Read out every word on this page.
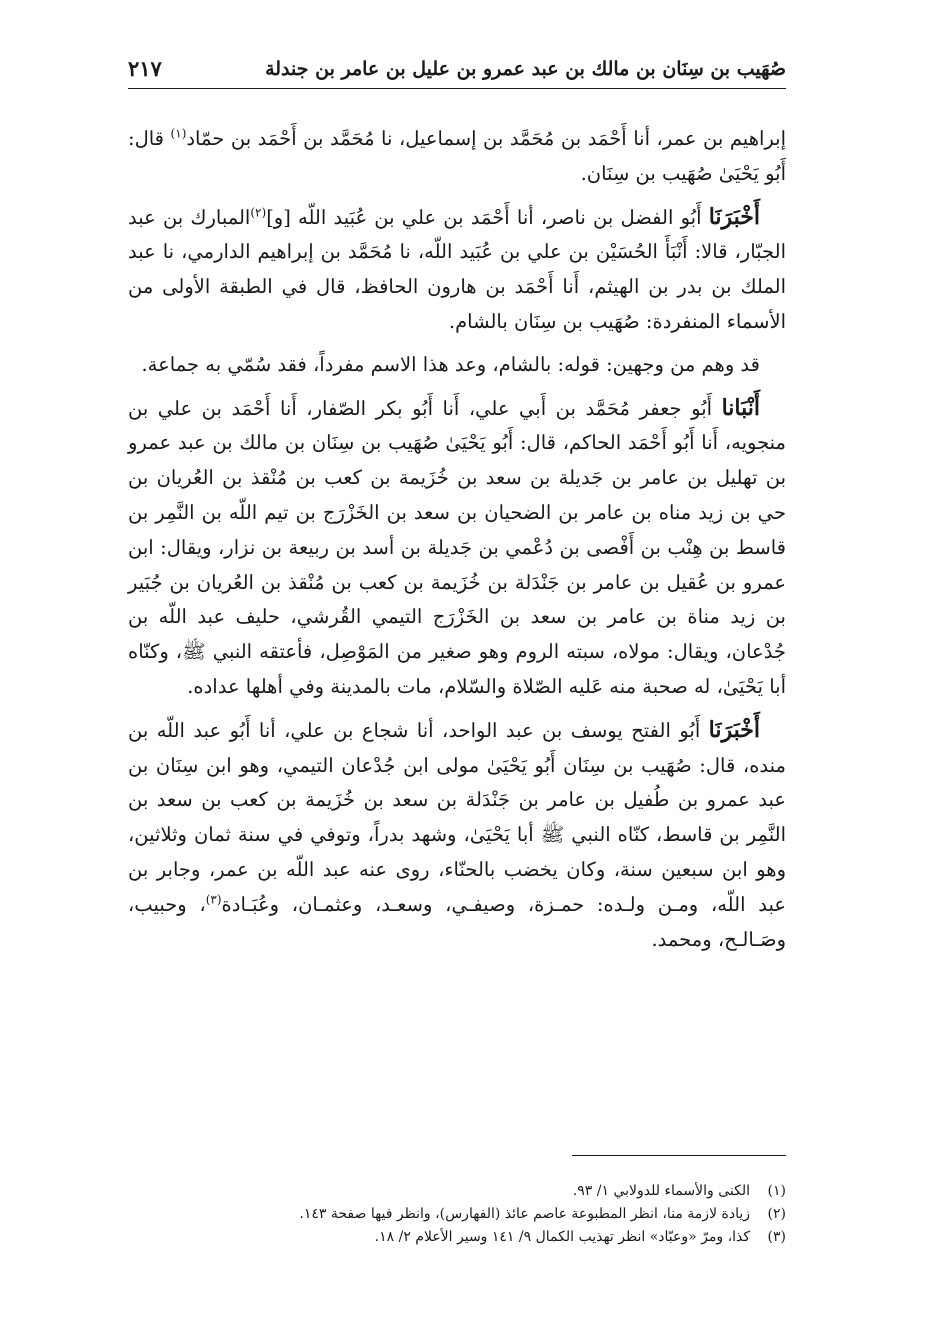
صُهَيب بن سِنَان بن مالك بن عبد عمرو بن عليل بن عامر بن جندلة
٢١٧

إبراهيم بن عمر، أنا أَحْمَد بن مُحَمَّد بن إسماعيل، نا مُحَمَّد بن أَحْمَد بن حمّاد$^{(١)}$ قال: أَبُو يَحْيَىٰ صُهَيب بن سِنَان.

أَخْبَرَنَا أَبُو الفضل بن ناصر، أنا أَحْمَد بن علي بن عُبَيد اللّه [و]$^{(٢)}$المبارك بن عبد الجبّار، قالا: أَنْبَأَ الحُسَيْن بن علي بن عُبَيد اللّه، نا مُحَمَّد بن إبراهيم الدارمي، نا عبد الملك بن بدر بن الهيثم، أَنا أَحْمَد بن هارون الحافظ، قال في الطبقة الأولى من الأسماء المنفردة: صُهَيب بن سِنَان بالشام.

قد وهم من وجهين: قوله: بالشام، وعد هذا الاسم مفرداً، فقد سُمّي به جماعة.

أَنْبَانا أَبُو جعفر مُحَمَّد بن أَبي علي، أَنا أَبُو بكر الصّفار، أَنا أَحْمَد بن علي بن منجويه، أَنا أَبُو أَحْمَد الحاكم، قال: أَبُو يَحْيَىٰ صُهَيب بن سِنَان بن مالك بن عبد عمرو بن تهليل بن عامر بن جَديلة بن سعد بن خُزَيمة بن كعب بن مُنْقذ بن العُريان بن حي بن زيد مناه بن عامر بن الضحيان بن سعد بن الخَزْرَج بن تيم اللّه بن النَّمِر بن قاسط بن هِنْب بن أَفْصى بن دُعْمي بن جَديلة بن أسد بن ربيعة بن نزار، ويقال: ابن عمرو بن عُقيل بن عامر بن جَنْدَلة بن خُزَيمة بن كعب بن مُنْقذ بن العُريان بن جُبَير بن زيد مناة بن عامر بن سعد بن الخَزْرَج التيمي القُرشي، حليف عبد اللّه بن جُدْعان، ويقال: مولاه، سبته الروم وهو صغير من المَوْصِل، فأعتقه النبي ﷺ، وكنّاه أبا يَحْيَىٰ، له صحبة منه عَليه الصّلاة والسّلام، مات بالمدينة وفي أهلها عداده.

أَخْبَرَنَا أَبُو الفتح يوسف بن عبد الواحد، أنا شجاع بن علي، أنا أَبُو عبد اللّه بن منده، قال: صُهَيب بن سِنَان أَبُو يَحْيَىٰ مولى ابن جُدْعان التيمي، وهو ابن سِنَان بن عبد عمرو بن طُفيل بن عامر بن جَنْدَلة بن سعد بن خُزَيمة بن كعب بن سعد بن النَّمِر بن قاسط، كنّاه النبي ﷺ أبا يَحْيَىٰ، وشهد بدراً، وتوفي في سنة ثمان وثلاثين، وهو ابن سبعين سنة، وكان يخضب بالحنّاء، روى عنه عبد اللّه بن عمر، وجابر بن عبد اللّه، ومـن ولـده: حمـزة، وصيفـي، وسعـد، وعثمـان، وعُبَـادة$^{(٣)}$، وحبيب، وصَـالـح، ومحمد.

(١)الكنى والأسماء للدولابي ١/ ٩٣.
(٢)زيادة لازمة منا، انظر المطبوعة عاصم عائذ (الفهارس)، وانظر فيها صفحة ١٤٣.
(٣)كذا، ومرّ «وعبّاد» انظر تهذيب الكمال ٩/ ١٤١ وسير الأعلام ٢/ ١٨.
